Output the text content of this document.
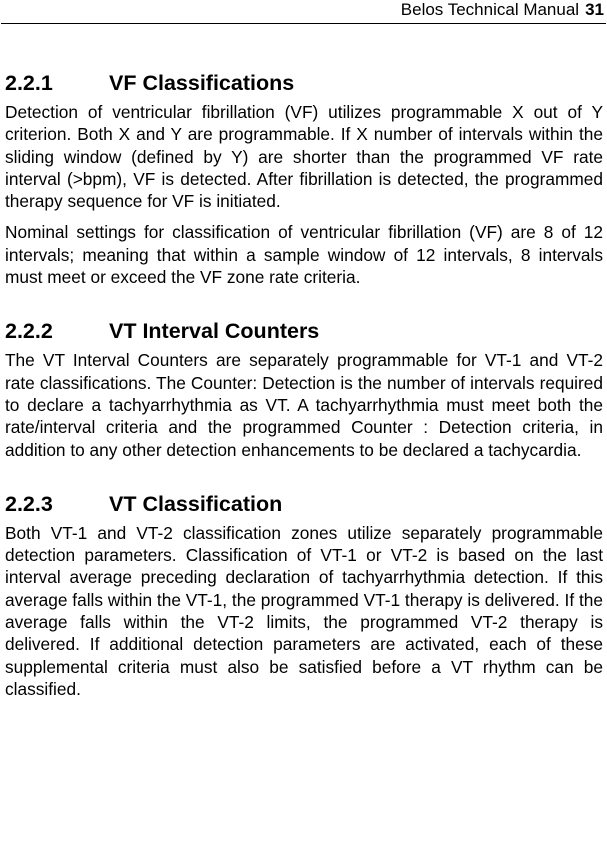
Belos Technical Manual 31
2.2.1	VF Classifications

Detection of ventricular fibrillation (VF) utilizes programmable X out of Y criterion. Both X and Y are programmable. If X number of intervals within the sliding window (defined by Y) are shorter than the programmed VF rate interval (>bpm), VF is detected. After fibrillation is detected, the programmed therapy sequence for VF is initiated.

Nominal settings for classification of ventricular fibrillation (VF) are 8 of 12 intervals; meaning that within a sample window of 12 intervals, 8 intervals must meet or exceed the VF zone rate criteria.

2.2.2	VT Interval Counters

The VT Interval Counters are separately programmable for VT-1 and VT-2 rate classifications. The Counter: Detection is the number of intervals required to declare a tachyarrhythmia as VT. A tachyarrhythmia must meet both the rate/interval criteria and the programmed Counter : Detection criteria, in addition to any other detection enhancements to be declared a tachycardia.

2.2.3	VT Classification

Both VT-1 and VT-2 classification zones utilize separately programmable detection parameters. Classification of VT-1 or VT-2 is based on the last interval average preceding declaration of tachyarrhythmia detection. If this average falls within the VT-1, the programmed VT-1 therapy is delivered. If the average falls within the VT-2 limits, the programmed VT-2 therapy is delivered. If additional detection parameters are activated, each of these supplemental criteria must also be satisfied before a VT rhythm can be classified.
